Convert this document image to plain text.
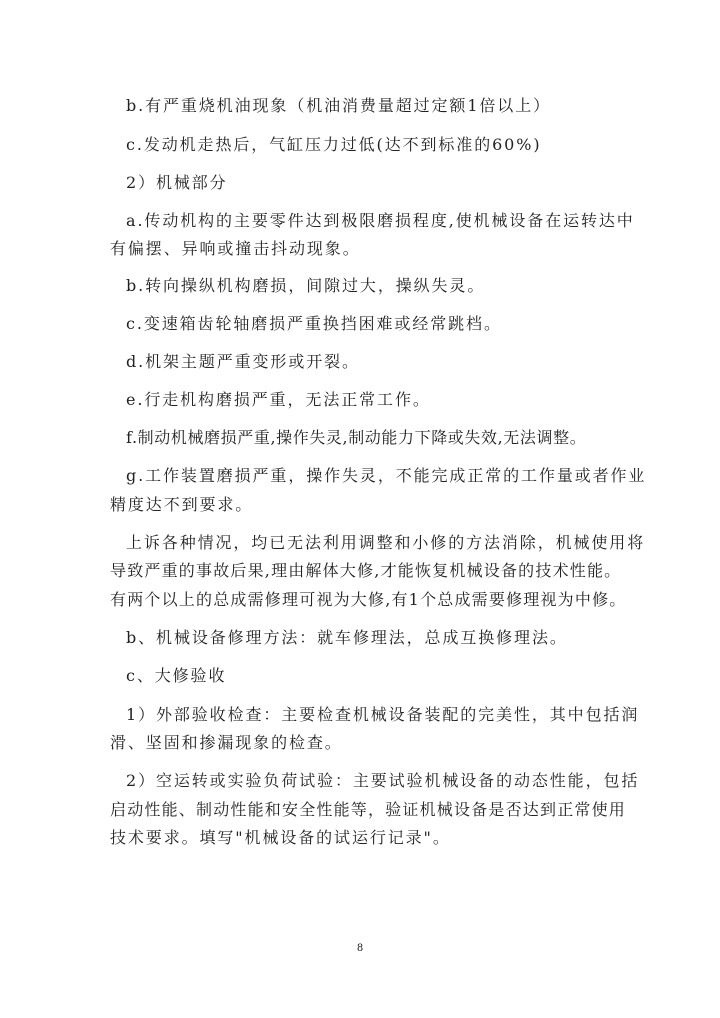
b.有严重烧机油现象（机油消费量超过定额1倍以上）
c.发动机走热后，气缸压力过低(达不到标准的60%)
2）机械部分
a.传动机构的主要零件达到极限磨损程度,使机械设备在运转达中
有偏摆、异响或撞击抖动现象。
b.转向操纵机构磨损，间隙过大，操纵失灵。
c.变速箱齿轮轴磨损严重换挡困难或经常跳档。
d.机架主题严重变形或开裂。
e.行走机构磨损严重，无法正常工作。
f.制动机械磨损严重,操作失灵,制动能力下降或失效,无法调整。
g.工作装置磨损严重，操作失灵，不能完成正常的工作量或者作业
精度达不到要求。
上诉各种情况，均已无法利用调整和小修的方法消除，机械使用将
导致严重的事故后果,理由解体大修,才能恢复机械设备的技术性能。
有两个以上的总成需修理可视为大修,有1个总成需要修理视为中修。
b、机械设备修理方法：就车修理法，总成互换修理法。
c、大修验收
1）外部验收检查：主要检查机械设备装配的完美性，其中包括润
滑、坚固和掺漏现象的检查。
2）空运转或实验负荷试验：主要试验机械设备的动态性能，包括
启动性能、制动性能和安全性能等，验证机械设备是否达到正常使用
技术要求。填写"机械设备的试运行记录"。
8
